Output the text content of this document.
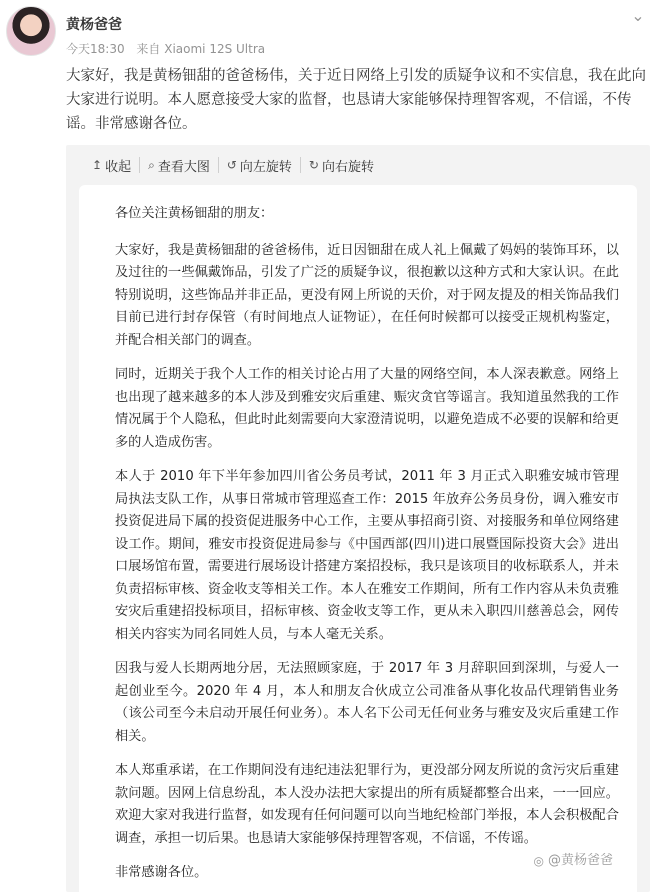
黄杨爸爸
今天18:30 来自 Xiaomi 12S Ultra
⌄
大家好，我是黄杨钿甜的爸爸杨伟，关于近日网络上引发的质疑争议和不实信息，我在此向大家进行说明。本人愿意接受大家的监督，也恳请大家能够保持理智客观，不信谣，不传谣。非常感谢各位。
↥ 收起 ⌕ 查看大图 ↺ 向左旋转 ↻ 向右旋转

各位关注黄杨钿甜的朋友：

大家好，我是黄杨钿甜的爸爸杨伟，近日因钿甜在成人礼上佩戴了妈妈的装饰耳环，以及过往的一些佩戴饰品，引发了广泛的质疑争议，很抱歉以这种方式和大家认识。在此特别说明，这些饰品并非正品，更没有网上所说的天价，对于网友提及的相关饰品我们目前已进行封存保管（有时间地点人证物证），在任何时候都可以接受正规机构鉴定，并配合相关部门的调查。

同时，近期关于我个人工作的相关讨论占用了大量的网络空间，本人深表歉意。网络上也出现了越来越多的本人涉及到雅安灾后重建、赈灾贪官等谣言。我知道虽然我的工作情况属于个人隐私，但此时此刻需要向大家澄清说明，以避免造成不必要的误解和给更多的人造成伤害。

本人于 2010 年下半年参加四川省公务员考试，2011 年 3 月正式入职雅安城市管理局执法支队工作，从事日常城市管理巡查工作：2015 年放弃公务员身份，调入雅安市投资促进局下属的投资促进服务中心工作，主要从事招商引资、对接服务和单位网络建设工作。期间，雅安市投资促进局参与《中国西部(四川)进口展暨国际投资大会》进出口展场馆布置，需要进行展场设计搭建方案招投标，我只是该项目的收标联系人，并未负责招标审核、资金收支等相关工作。本人在雅安工作期间，所有工作内容从未负责雅安灾后重建招投标项目，招标审核、资金收支等工作，更从未入职四川慈善总会，网传相关内容实为同名同姓人员，与本人毫无关系。

因我与爱人长期两地分居，无法照顾家庭，于 2017 年 3 月辞职回到深圳，与爱人一起创业至今。2020 年 4 月，本人和朋友合伙成立公司准备从事化妆品代理销售业务（该公司至今未启动开展任何业务）。本人名下公司无任何业务与雅安及灾后重建工作相关。

本人郑重承诺，在工作期间没有违纪违法犯罪行为，更没部分网友所说的贪污灾后重建款问题。因网上信息纷乱，本人没办法把大家提出的所有质疑都整合出来，一一回应。欢迎大家对我进行监督，如发现有任何问题可以向当地纪检部门举报，本人会积极配合调查，承担一切后果。也恳请大家能够保持理智客观，不信谣，不传谣。

非常感谢各位。

◎ @黄杨爸爸
